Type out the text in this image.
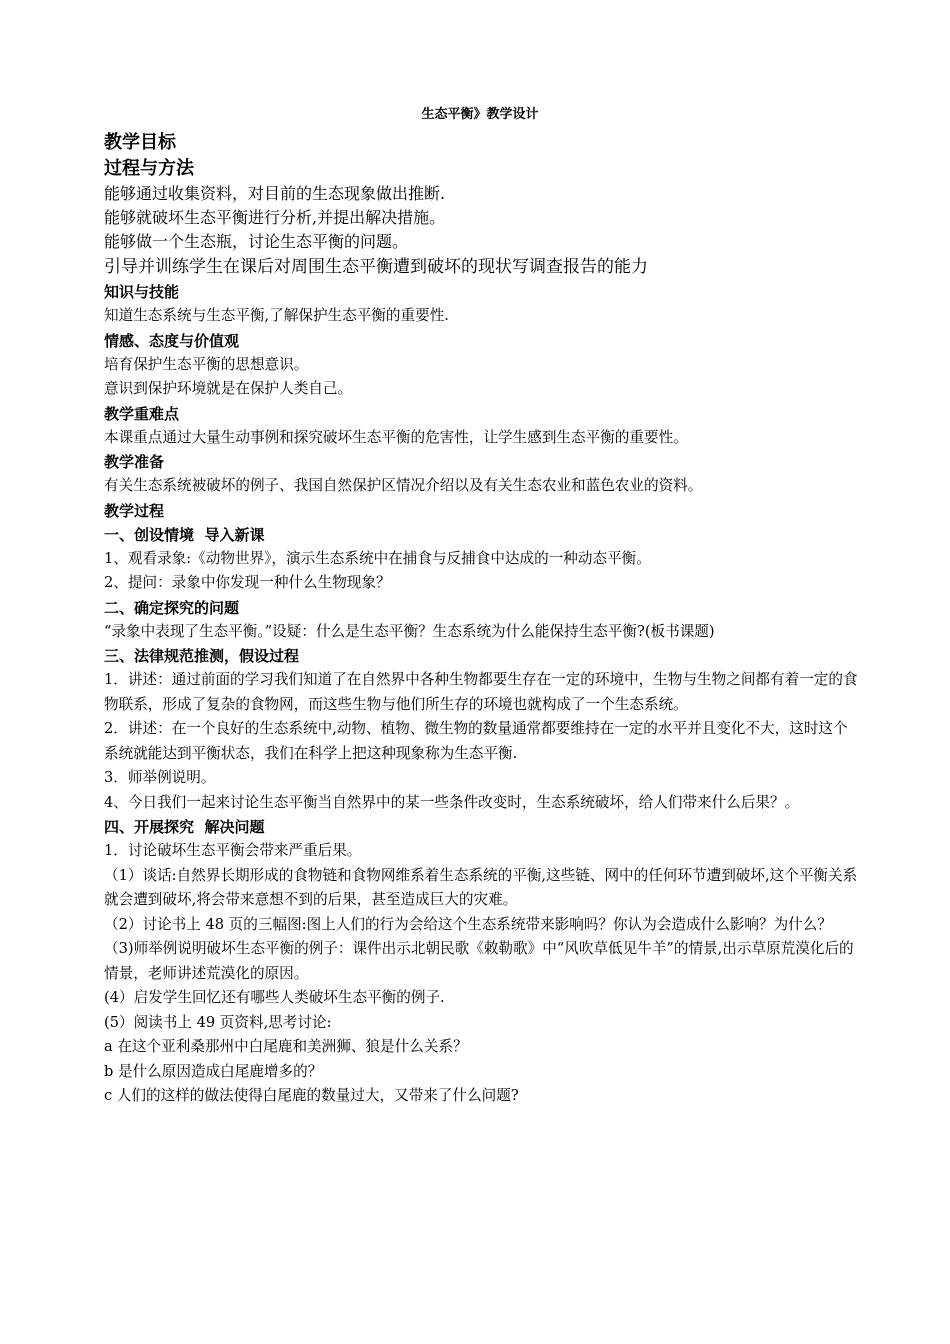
生态平衡》教学设计
教学目标
过程与方法
能够通过收集资料，对目前的生态现象做出推断.
能够就破坏生态平衡进行分析,并提出解决措施。
能够做一个生态瓶，讨论生态平衡的问题。
引导并训练学生在课后对周围生态平衡遭到破坏的现状写调查报告的能力
知识与技能
知道生态系统与生态平衡,了解保护生态平衡的重要性.
情感、态度与价值观
培育保护生态平衡的思想意识。
意识到保护环境就是在保护人类自己。
教学重难点
本课重点通过大量生动事例和探究破坏生态平衡的危害性，让学生感到生态平衡的重要性。
教学准备
有关生态系统被破坏的例子、我国自然保护区情况介绍以及有关生态农业和蓝色农业的资料。
教学过程
一、创设情境  导入新课
1、观看录象:《动物世界》，演示生态系统中在捕食与反捕食中达成的一种动态平衡。
2、提问：录象中你发现一种什么生物现象？
二、确定探究的问题
“录象中表现了生态平衡。”设疑：什么是生态平衡？生态系统为什么能保持生态平衡?(板书课题)
三、法律规范推测，假设过程
1．讲述：通过前面的学习我们知道了在自然界中各种生物都要生存在一定的环境中，生物与生物之间都有着一定的食物联系，形成了复杂的食物网，而这些生物与他们所生存的环境也就构成了一个生态系统。
2．讲述：在一个良好的生态系统中,动物、植物、微生物的数量通常都要维持在一定的水平并且变化不大，这时这个系统就能达到平衡状态，我们在科学上把这种现象称为生态平衡.
3．师举例说明。
4、今日我们一起来讨论生态平衡当自然界中的某一些条件改变时，生态系统破坏，给人们带来什么后果？。
四、开展探究  解决问题
1．讨论破坏生态平衡会带来严重后果。
（1）谈话:自然界长期形成的食物链和食物网维系着生态系统的平衡,这些链、网中的任何环节遭到破坏,这个平衡关系就会遭到破坏,将会带来意想不到的后果，甚至造成巨大的灾难。
（2）讨论书上 48 页的三幅图:图上人们的行为会给这个生态系统带来影响吗？你认为会造成什么影响？为什么？
（3)师举例说明破坏生态平衡的例子：课件出示北朝民歌《敕勒歌》中“风吹草低见牛羊”的情景,出示草原荒漠化后的情景，老师讲述荒漠化的原因。
(4）启发学生回忆还有哪些人类破坏生态平衡的例子.
(5）阅读书上 49 页资料,思考讨论:
a 在这个亚利桑那州中白尾鹿和美洲狮、狼是什么关系？
b 是什么原因造成白尾鹿增多的？
c 人们的这样的做法使得白尾鹿的数量过大，又带来了什么问题?
